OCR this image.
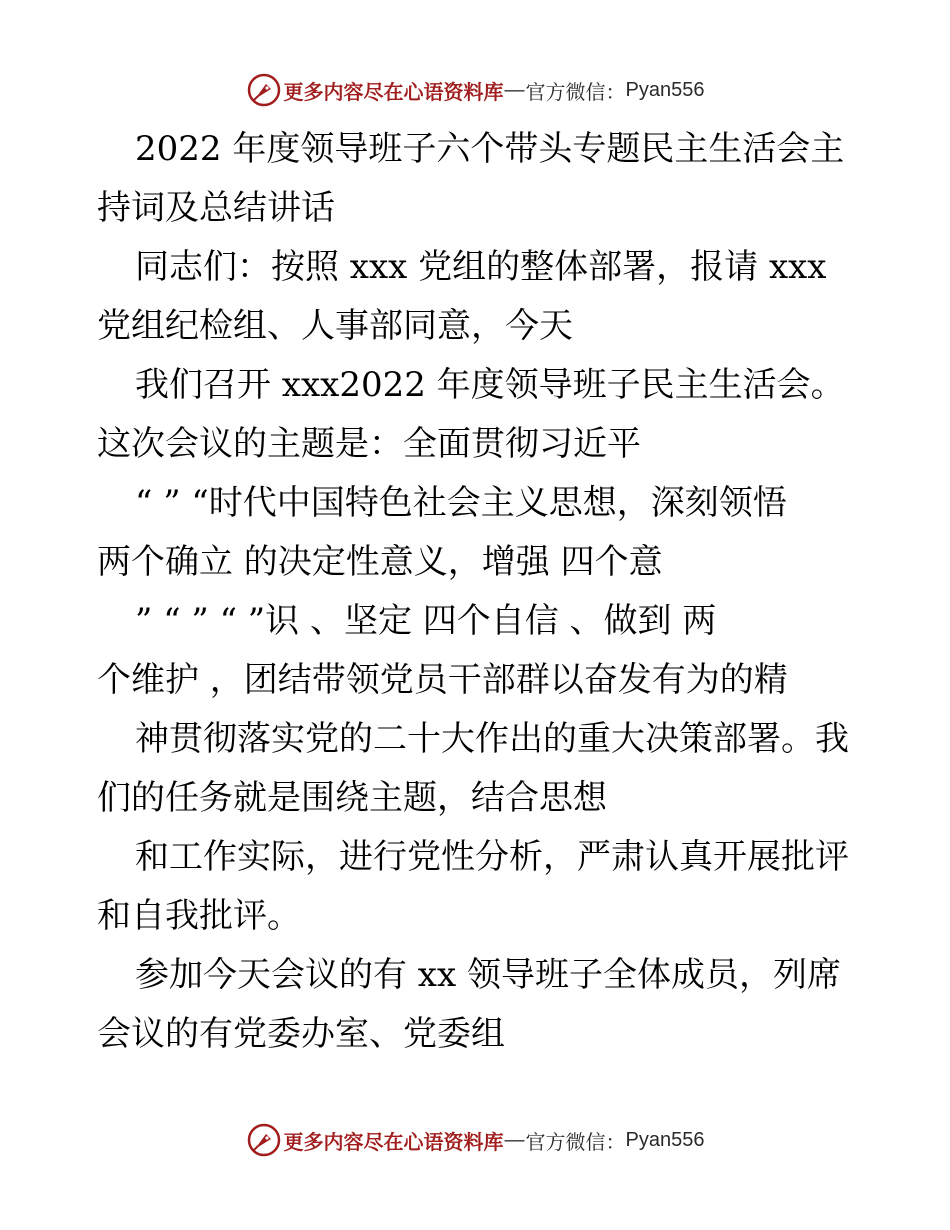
更多内容尽在心语资料库 — 官方微信： Pyan556
2022 年度领导班子六个带头专题民主生活会主
持词及总结讲话
同志们：按照 xxx 党组的整体部署，报请 xxx
党组纪检组、人事部同意，今天
我们召开 xxx2022 年度领导班子民主生活会。
这次会议的主题是：全面贯彻习近平
“ ” “时代中国特色社会主义思想，深刻领悟
两个确立 的决定性意义，增强 四个意
” “ ” “ ”识 、坚定 四个自信 、做到 两
个维护 ，团结带领党员干部群以奋发有为的精
神贯彻落实党的二十大作出的重大决策部署。我
们的任务就是围绕主题，结合思想
和工作实际，进行党性分析，严肃认真开展批评
和自我批评。
参加今天会议的有 xx 领导班子全体成员，列席
会议的有党委办室、党委组
更多内容尽在心语资料库 — 官方微信： Pyan556
